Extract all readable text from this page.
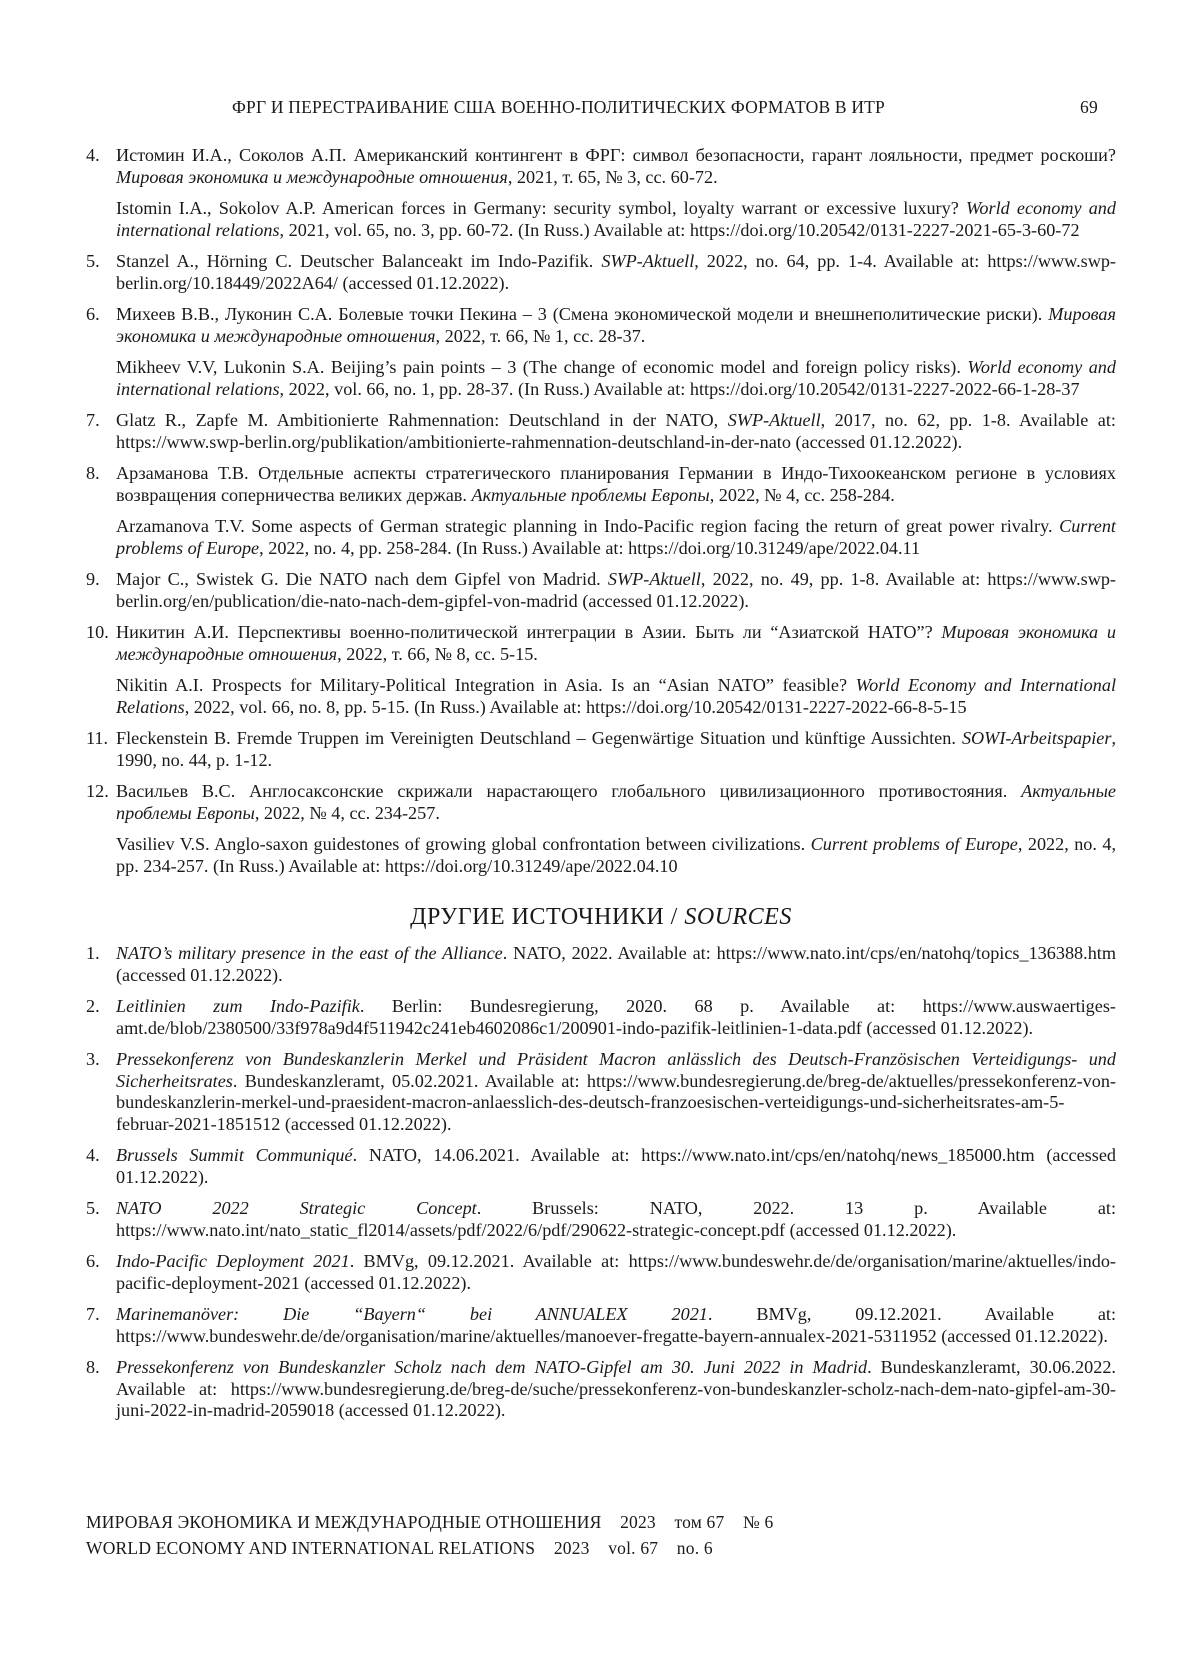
ФРГ И ПЕРЕСТРАИВАНИЕ США ВОЕННО-ПОЛИТИЧЕСКИХ ФОРМАТОВ В ИТР	69
4. Истомин И.А., Соколов А.П. Американский контингент в ФРГ: символ безопасности, гарант лояльности, предмет роскоши? Мировая экономика и международные отношения, 2021, т. 65, № 3, сс. 60-72.
Istomin I.A., Sokolov A.P. American forces in Germany: security symbol, loyalty warrant or excessive luxury? World economy and international relations, 2021, vol. 65, no. 3, pp. 60-72. (In Russ.) Available at: https://doi.org/10.20542/0131-2227-2021-65-3-60-72
5. Stanzel A., Hörning C. Deutscher Balanceakt im Indo-Pazifik. SWP-Aktuell, 2022, no. 64, pp. 1-4. Available at: https://www.swp-berlin.org/10.18449/2022A64/ (accessed 01.12.2022).
6. Михеев В.В., Луконин С.А. Болевые точки Пекина – 3 (Смена экономической модели и внешнеполитические риски). Мировая экономика и международные отношения, 2022, т. 66, № 1, сс. 28-37.
Mikheev V.V, Lukonin S.A. Beijing’s pain points – 3 (The change of economic model and foreign policy risks). World economy and international relations, 2022, vol. 66, no. 1, pp. 28-37. (In Russ.) Available at: https://doi.org/10.20542/0131-2227-2022-66-1-28-37
7. Glatz R., Zapfe M. Ambitionierte Rahmennation: Deutschland in der NATO, SWP-Aktuell, 2017, no. 62, pp. 1-8. Available at: https://www.swp-berlin.org/publikation/ambitionierte-rahmennation-deutschland-in-der-nato (accessed 01.12.2022).
8. Арзаманова Т.В. Отдельные аспекты стратегического планирования Германии в Индо-Тихоокеанском регионе в условиях возвращения соперничества великих держав. Актуальные проблемы Европы, 2022, № 4, сс. 258-284.
Arzamanova T.V. Some aspects of German strategic planning in Indo-Pacific region facing the return of great power rivalry. Current problems of Europe, 2022, no. 4, pp. 258-284. (In Russ.) Available at: https://doi.org/10.31249/ape/2022.04.11
9. Major C., Swistek G. Die NATO nach dem Gipfel von Madrid. SWP-Aktuell, 2022, no. 49, pp. 1-8. Available at: https://www.swp-berlin.org/en/publication/die-nato-nach-dem-gipfel-von-madrid (accessed 01.12.2022).
10. Никитин А.И. Перспективы военно-политической интеграции в Азии. Быть ли “Азиатской НАТО”? Мировая экономика и международные отношения, 2022, т. 66, № 8, сс. 5-15.
Nikitin A.I. Prospects for Military-Political Integration in Asia. Is an “Asian NATO” feasible? World Economy and International Relations, 2022, vol. 66, no. 8, pp. 5-15. (In Russ.) Available at: https://doi.org/10.20542/0131-2227-2022-66-8-5-15
11. Fleckenstein B. Fremde Truppen im Vereinigten Deutschland – Gegenwärtige Situation und künftige Aussichten. SOWI-Arbeitspapier, 1990, no. 44, p. 1-12.
12. Васильев В.С. Англосаксонские скрижали нарастающего глобального цивилизационного противостояния. Актуальные проблемы Европы, 2022, № 4, сс. 234-257.
Vasiliev V.S. Anglo-saxon guidestones of growing global confrontation between civilizations. Current problems of Europe, 2022, no. 4, pp. 234-257. (In Russ.) Available at: https://doi.org/10.31249/ape/2022.04.10
ДРУГИЕ ИСТОЧНИКИ / SOURCES
1. NATO’s military presence in the east of the Alliance. NATO, 2022. Available at: https://www.nato.int/cps/en/natohq/topics_136388.htm (accessed 01.12.2022).
2. Leitlinien zum Indo-Pazifik. Berlin: Bundesregierung, 2020. 68 p. Available at: https://www.auswaertiges-amt.de/blob/2380500/33f978a9d4f511942c241eb4602086c1/200901-indo-pazifik-leitlinien-1-data.pdf (accessed 01.12.2022).
3. Pressekonferenz von Bundeskanzlerin Merkel und Präsident Macron anlässlich des Deutsch-Französischen Verteidigungs- und Sicherheitsrates. Bundeskanzleramt, 05.02.2021. Available at: https://www.bundesregierung.de/breg-de/aktuelles/pressekonferenz-von-bundeskanzlerin-merkel-und-praesident-macron-anlaesslich-des-deutsch-franzoesischen-verteidigungs-und-sicherheitsrates-am-5-februar-2021-1851512 (accessed 01.12.2022).
4. Brussels Summit Communiqué. NATO, 14.06.2021. Available at: https://www.nato.int/cps/en/natohq/news_185000.htm (accessed 01.12.2022).
5. NATO 2022 Strategic Concept. Brussels: NATO, 2022. 13 p. Available at: https://www.nato.int/nato_static_fl2014/assets/pdf/2022/6/pdf/290622-strategic-concept.pdf (accessed 01.12.2022).
6. Indo-Pacific Deployment 2021. BMVg, 09.12.2021. Available at: https://www.bundeswehr.de/de/organisation/marine/aktuelles/indo-pacific-deployment-2021 (accessed 01.12.2022).
7. Marinemanöver: Die “Bayern“ bei ANNUALEX 2021. BMVg, 09.12.2021. Available at: https://www.bundeswehr.de/de/organisation/marine/aktuelles/manoever-fregatte-bayern-annualex-2021-5311952 (accessed 01.12.2022).
8. Pressekonferenz von Bundeskanzler Scholz nach dem NATO-Gipfel am 30. Juni 2022 in Madrid. Bundeskanzleramt, 30.06.2022. Available at: https://www.bundesregierung.de/breg-de/suche/pressekonferenz-von-bundeskanzler-scholz-nach-dem-nato-gipfel-am-30-juni-2022-in-madrid-2059018 (accessed 01.12.2022).
МИРОВАЯ ЭКОНОМИКА И МЕЖДУНАРОДНЫЕ ОТНОШЕНИЯ 2023 том 67 № 6
WORLD ECONOMY AND INTERNATIONAL RELATIONS 2023 vol. 67 no. 6
